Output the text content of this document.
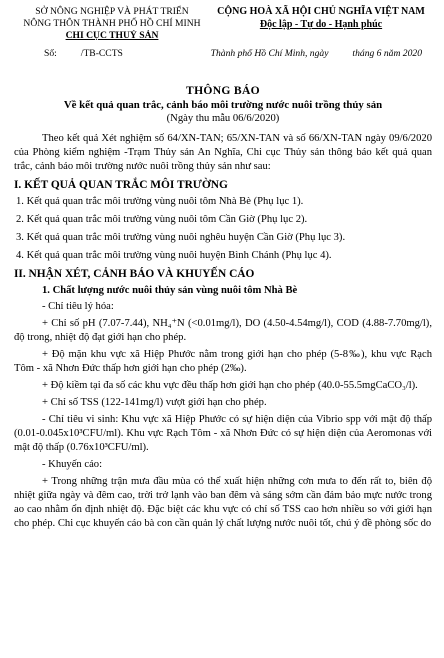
SỞ NÔNG NGHIỆP VÀ PHÁT TRIỂN
NÔNG THÔN THÀNH PHỐ HỒ CHÍ MINH
CHI CỤC THUỶ SẢN
CỘNG HOÀ XÃ HỘI CHỦ NGHĨA VIỆT NAM
Độc lập - Tự do - Hạnh phúc
Số:          /TB-CCTS	Thành phố Hồ Chí Minh, ngày          tháng 6 năm 2020
THÔNG BÁO
Về kết quả quan trắc, cảnh báo môi trường nước nuôi trồng thủy sản
(Ngày thu mẫu 06/6/2020)

Theo kết quả Xét nghiệm số 64/XN-TAN; 65/XN-TAN và số 66/XN-TAN ngày 09/6/2020 của Phòng kiểm nghiệm -Trạm Thủy sản An Nghĩa, Chi cục Thủy sản thông báo kết quả quan trắc, cảnh báo môi trường nước nuôi trồng thủy sản như sau:

I. KẾT QUẢ QUAN TRẮC MÔI TRƯỜNG

1. Kết quả quan trắc môi trường vùng nuôi tôm Nhà Bè (Phụ lục 1).

2. Kết quả quan trắc môi trường vùng nuôi tôm Cần Giờ (Phụ lục 2).

3. Kết quả quan trắc môi trường vùng nuôi nghêu huyện Cần Giờ (Phụ lục 3).

4. Kết quả quan trắc môi trường vùng nuôi huyện Bình Chánh (Phụ lục 4).

II. NHẬN XÉT, CẢNH BÁO VÀ KHUYẾN CÁO

1. Chất lượng nước nuôi thủy sản vùng nuôi tôm Nhà Bè

- Chỉ tiêu lý hóa:

+ Chỉ số pH (7.07-7.44), NH₄⁺N (<0.01mg/l), DO (4.50-4.54mg/l), COD (4.88-7.70mg/l), độ trong, nhiệt độ đạt giới hạn cho phép.

+ Độ mặn khu vực xã Hiệp Phước nằm trong giới hạn cho phép (5-8‰), khu vực Rạch Tôm - xã Nhơn Đức thấp hơn giới hạn cho phép (2‰).

+ Độ kiềm tại đa số các khu vực đều thấp hơn giới hạn cho phép (40.0-55.5mgCaCO₃/l).

+ Chỉ số TSS (122-141mg/l) vượt giới hạn cho phép.

- Chỉ tiêu vi sinh: Khu vực xã Hiệp Phước có sự hiện diện của Vibrio spp với mật độ thấp (0.01-0.045x10³CFU/ml). Khu vực Rạch Tôm - xã Nhơn Đức có sự hiện diện của Aeromonas với mật độ thấp (0.76x10³CFU/ml).

- Khuyến cáo:

+ Trong những trận mưa đầu mùa có thể xuất hiện những cơn mưa to đến rất to, biên độ nhiệt giữa ngày và đêm cao, trời trở lạnh vào ban đêm và sáng sớm cần đảm bảo mực nước trong ao cao nhằm ổn định nhiệt độ. Đặc biệt các khu vực có chỉ số TSS cao hơn nhiều so với giới hạn cho phép. Chi cục khuyến cáo bà con cần quản lý chất lượng nước nuôi tốt, chú ý đề phòng sốc do
